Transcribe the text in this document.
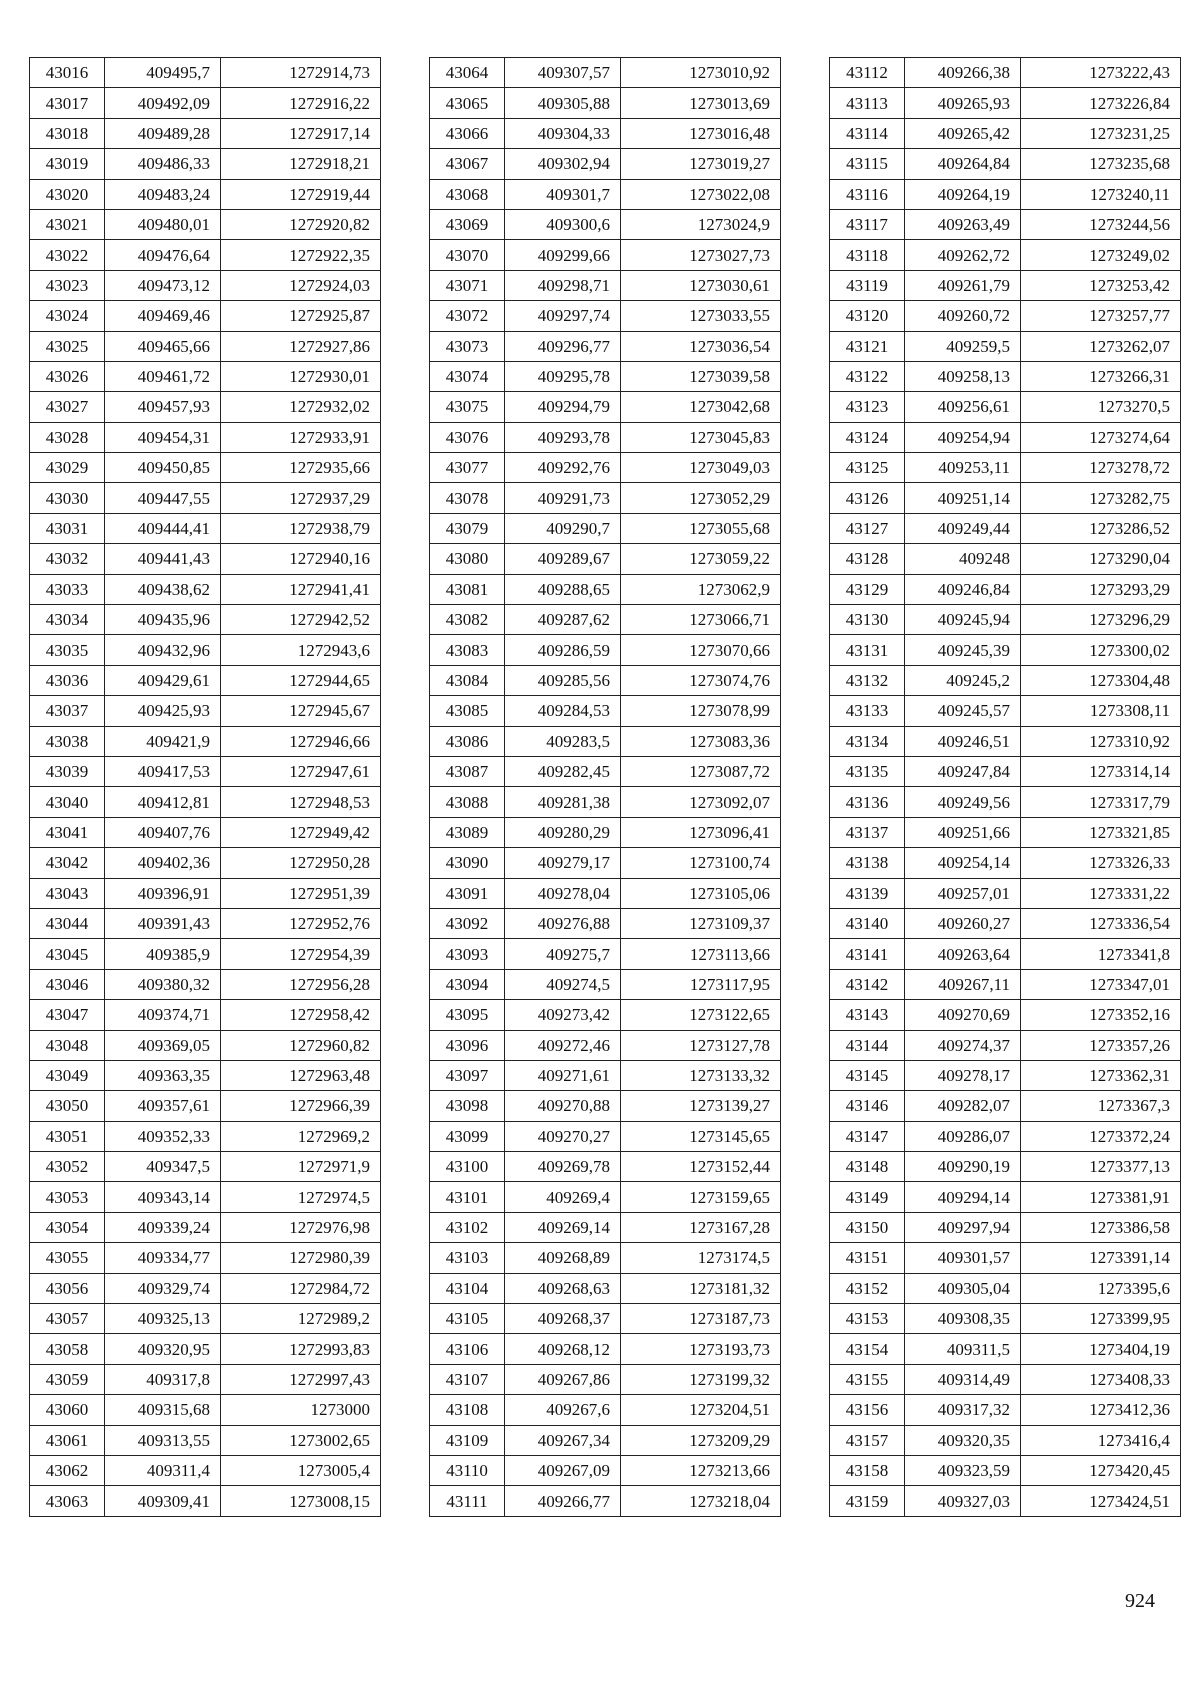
43016	409495,7	1272914,73
43017	409492,09	1272916,22
43018	409489,28	1272917,14
43019	409486,33	1272918,21
43020	409483,24	1272919,44
43021	409480,01	1272920,82
43022	409476,64	1272922,35
43023	409473,12	1272924,03
43024	409469,46	1272925,87
43025	409465,66	1272927,86
43026	409461,72	1272930,01
43027	409457,93	1272932,02
43028	409454,31	1272933,91
43029	409450,85	1272935,66
43030	409447,55	1272937,29
43031	409444,41	1272938,79
43032	409441,43	1272940,16
43033	409438,62	1272941,41
43034	409435,96	1272942,52
43035	409432,96	1272943,6
43036	409429,61	1272944,65
43037	409425,93	1272945,67
43038	409421,9	1272946,66
43039	409417,53	1272947,61
43040	409412,81	1272948,53
43041	409407,76	1272949,42
43042	409402,36	1272950,28
43043	409396,91	1272951,39
43044	409391,43	1272952,76
43045	409385,9	1272954,39
43046	409380,32	1272956,28
43047	409374,71	1272958,42
43048	409369,05	1272960,82
43049	409363,35	1272963,48
43050	409357,61	1272966,39
43051	409352,33	1272969,2
43052	409347,5	1272971,9
43053	409343,14	1272974,5
43054	409339,24	1272976,98
43055	409334,77	1272980,39
43056	409329,74	1272984,72
43057	409325,13	1272989,2
43058	409320,95	1272993,83
43059	409317,8	1272997,43
43060	409315,68	1273000
43061	409313,55	1273002,65
43062	409311,4	1273005,4
43063	409309,41	1273008,15
43064	409307,57	1273010,92
43065	409305,88	1273013,69
43066	409304,33	1273016,48
43067	409302,94	1273019,27
43068	409301,7	1273022,08
43069	409300,6	1273024,9
43070	409299,66	1273027,73
43071	409298,71	1273030,61
43072	409297,74	1273033,55
43073	409296,77	1273036,54
43074	409295,78	1273039,58
43075	409294,79	1273042,68
43076	409293,78	1273045,83
43077	409292,76	1273049,03
43078	409291,73	1273052,29
43079	409290,7	1273055,68
43080	409289,67	1273059,22
43081	409288,65	1273062,9
43082	409287,62	1273066,71
43083	409286,59	1273070,66
43084	409285,56	1273074,76
43085	409284,53	1273078,99
43086	409283,5	1273083,36
43087	409282,45	1273087,72
43088	409281,38	1273092,07
43089	409280,29	1273096,41
43090	409279,17	1273100,74
43091	409278,04	1273105,06
43092	409276,88	1273109,37
43093	409275,7	1273113,66
43094	409274,5	1273117,95
43095	409273,42	1273122,65
43096	409272,46	1273127,78
43097	409271,61	1273133,32
43098	409270,88	1273139,27
43099	409270,27	1273145,65
43100	409269,78	1273152,44
43101	409269,4	1273159,65
43102	409269,14	1273167,28
43103	409268,89	1273174,5
43104	409268,63	1273181,32
43105	409268,37	1273187,73
43106	409268,12	1273193,73
43107	409267,86	1273199,32
43108	409267,6	1273204,51
43109	409267,34	1273209,29
43110	409267,09	1273213,66
43111	409266,77	1273218,04
43112	409266,38	1273222,43
43113	409265,93	1273226,84
43114	409265,42	1273231,25
43115	409264,84	1273235,68
43116	409264,19	1273240,11
43117	409263,49	1273244,56
43118	409262,72	1273249,02
43119	409261,79	1273253,42
43120	409260,72	1273257,77
43121	409259,5	1273262,07
43122	409258,13	1273266,31
43123	409256,61	1273270,5
43124	409254,94	1273274,64
43125	409253,11	1273278,72
43126	409251,14	1273282,75
43127	409249,44	1273286,52
43128	409248	1273290,04
43129	409246,84	1273293,29
43130	409245,94	1273296,29
43131	409245,39	1273300,02
43132	409245,2	1273304,48
43133	409245,57	1273308,11
43134	409246,51	1273310,92
43135	409247,84	1273314,14
43136	409249,56	1273317,79
43137	409251,66	1273321,85
43138	409254,14	1273326,33
43139	409257,01	1273331,22
43140	409260,27	1273336,54
43141	409263,64	1273341,8
43142	409267,11	1273347,01
43143	409270,69	1273352,16
43144	409274,37	1273357,26
43145	409278,17	1273362,31
43146	409282,07	1273367,3
43147	409286,07	1273372,24
43148	409290,19	1273377,13
43149	409294,14	1273381,91
43150	409297,94	1273386,58
43151	409301,57	1273391,14
43152	409305,04	1273395,6
43153	409308,35	1273399,95
43154	409311,5	1273404,19
43155	409314,49	1273408,33
43156	409317,32	1273412,36
43157	409320,35	1273416,4
43158	409323,59	1273420,45
43159	409327,03	1273424,51
924
